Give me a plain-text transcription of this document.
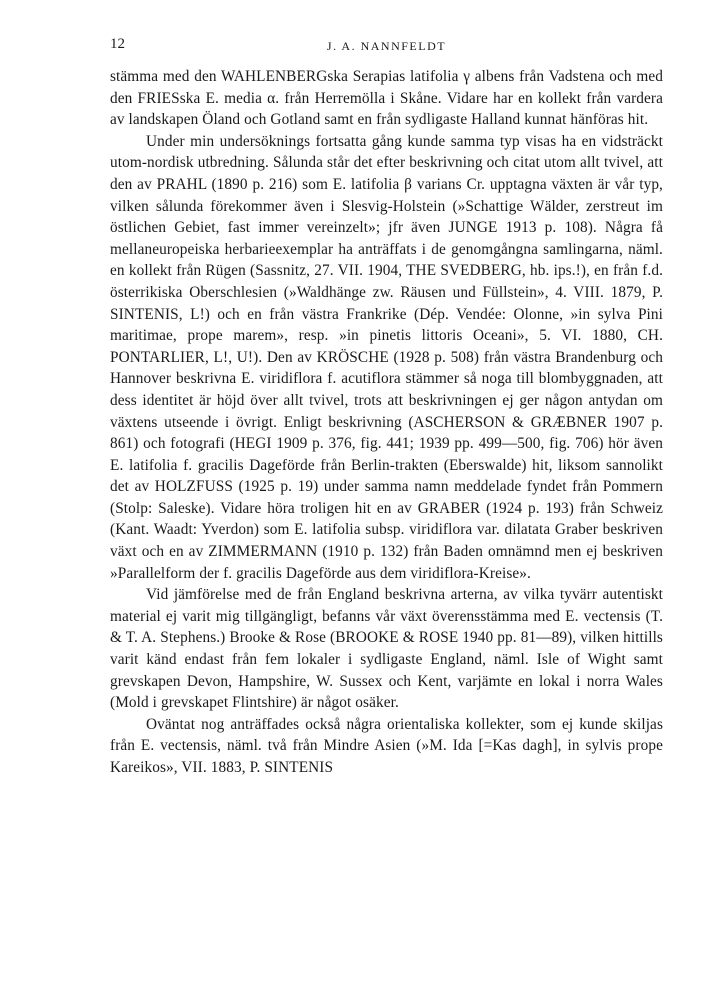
12	J. A. NANNFELDT

stämma med den WAHLENBERGska Serapias latifolia γ albens från Vadstena och med den FRIESska E. media α. från Herremölla i Skåne. Vidare har en kollekt från vardera av landskapen Öland och Gotland samt en från sydligaste Halland kunnat hänföras hit.

Under min undersöknings fortsatta gång kunde samma typ visas ha en vidsträckt utom-nordisk utbredning. Sålunda står det efter beskrivning och citat utom allt tvivel, att den av PRAHL (1890 p. 216) som E. latifolia β varians Cr. upptagna växten är vår typ, vilken sålunda förekommer även i Slesvig-Holstein (»Schattige Wälder, zerstreut im östlichen Gebiet, fast immer vereinzelt»; jfr även JUNGE 1913 p. 108). Några få mellaneuropeiska herbarieexemplar ha anträffats i de genomgångna samlingarna, näml. en kollekt från Rügen (Sassnitz, 27. VII. 1904, THE SVEDBERG, hb. ips.!), en från f.d. österrikiska Oberschlesien (»Waldhänge zw. Räusen und Füllstein», 4. VIII. 1879, P. SINTENIS, L!) och en från västra Frankrike (Dép. Vendée: Olonne, »in sylva Pini maritimae, prope marem», resp. »in pinetis littoris Oceani», 5. VI. 1880, CH. PONTARLIER, L!, U!). Den av KRÖSCHE (1928 p. 508) från västra Brandenburg och Hannover beskrivna E. viridiflora f. acutiflora stämmer så noga till blombyggnaden, att dess identitet är höjd över allt tvivel, trots att beskrivningen ej ger någon antydan om växtens utseende i övrigt. Enligt beskrivning (ASCHERSON & GRÆBNER 1907 p. 861) och fotografi (HEGI 1909 p. 376, fig. 441; 1939 pp. 499—500, fig. 706) hör även E. latifolia f. gracilis Dageförde från Berlin-trakten (Eberswalde) hit, liksom sannolikt det av HOLZFUSS (1925 p. 19) under samma namn meddelade fyndet från Pommern (Stolp: Saleske). Vidare höra troligen hit en av GRABER (1924 p. 193) från Schweiz (Kant. Waadt: Yverdon) som E. latifolia subsp. viridiflora var. dilatata Graber beskriven växt och en av ZIMMERMANN (1910 p. 132) från Baden omnämnd men ej beskriven »Parallelform der f. gracilis Dageförde aus dem viridiflora-Kreise».

Vid jämförelse med de från England beskrivna arterna, av vilka tyvärr autentiskt material ej varit mig tillgängligt, befanns vår växt överensstämma med E. vectensis (T. & T. A. Stephens.) Brooke & Rose (BROOKE & ROSE 1940 pp. 81—89), vilken hittills varit känd endast från fem lokaler i sydligaste England, näml. Isle of Wight samt grevskapen Devon, Hampshire, W. Sussex och Kent, varjämte en lokal i norra Wales (Mold i grevskapet Flintshire) är något osäker.

Oväntat nog anträffades också några orientaliska kollekter, som ej kunde skiljas från E. vectensis, näml. två från Mindre Asien (»M. Ida [=Kas dagh], in sylvis prope Kareikos», VII. 1883, P. SINTENIS
